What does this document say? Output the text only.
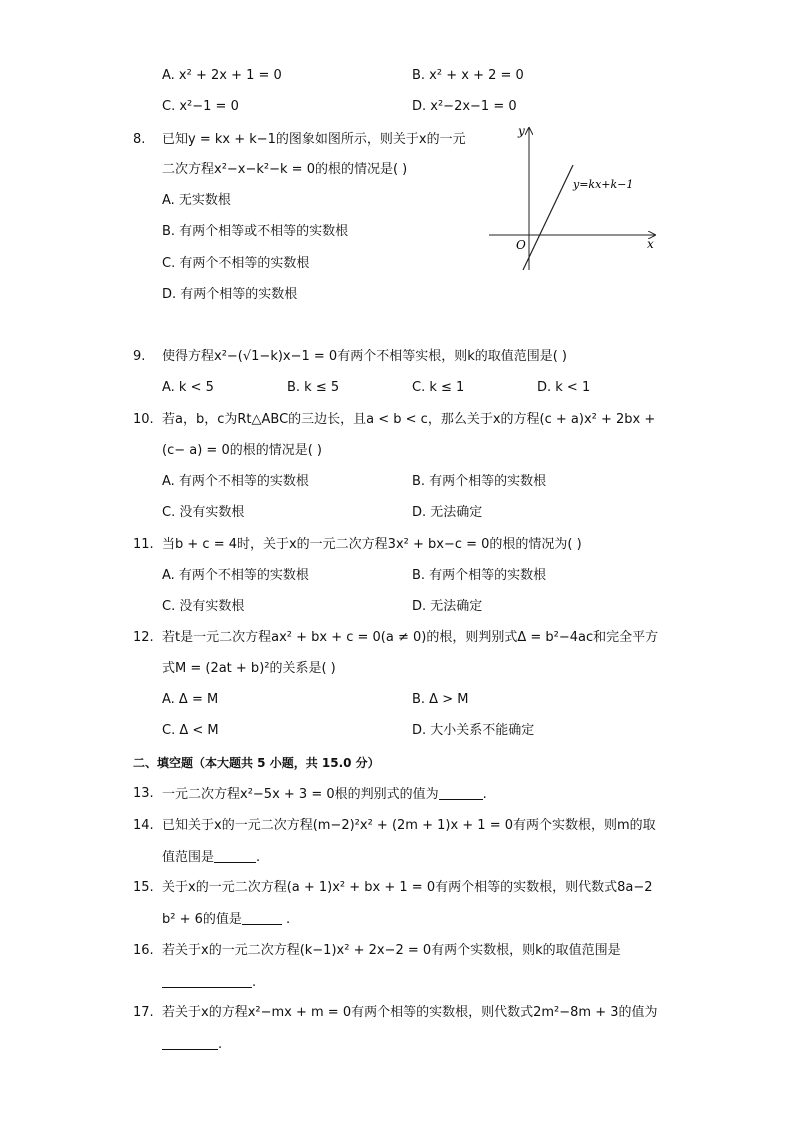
A. x² + 2x + 1 = 0	B. x² + x + 2 = 0
C. x²−1 = 0	D. x²−2x−1 = 0
8. 已知y = kx + k−1的图象如图所示，则关于x的一元
二次方程x²−x−k²−k = 0的根的情况是( )
A. 无实数根
B. 有两个相等或不相等的实数根
C. 有两个不相等的实数根
D. 有两个相等的实数根
y
x
O
y=kx+k−1
9. 使得方程x²−(√1−k)x−1 = 0有两个不相等实根，则k的取值范围是( )
A. k < 5	B. k ≤ 5	C. k ≤ 1	D. k < 1
10. 若a，b，c为Rt△ABC的三边长，且a < b < c，那么关于x的方程(c + a)x² + 2bx +
(c− a) = 0的根的情况是( )
A. 有两个不相等的实数根	B. 有两个相等的实数根
C. 没有实数根	D. 无法确定
11. 当b + c = 4时，关于x的一元二次方程3x² + bx−c = 0的根的情况为( )
A. 有两个不相等的实数根	B. 有两个相等的实数根
C. 没有实数根	D. 无法确定
12. 若t是一元二次方程ax² + bx + c = 0(a ≠ 0)的根，则判别式Δ = b²−4ac和完全平方
式M = (2at + b)²的关系是( )
A. Δ = M	B. Δ > M
C. Δ < M	D. 大小关系不能确定
二、填空题（本大题共 5 小题，共 15.0 分）
13. 一元二次方程x²−5x + 3 = 0根的判别式的值为	.
14. 已知关于x的一元二次方程(m−2)²x² + (2m + 1)x + 1 = 0有两个实数根，则m的取
值范围是	.
15. 关于x的一元二次方程(a + 1)x² + bx + 1 = 0有两个相等的实数根，则代数式8a−2
b² + 6的值是	.
16. 若关于x的一元二次方程(k−1)x² + 2x−2 = 0有两个实数根，则k的取值范围是
.
17. 若关于x的方程x²−mx + m = 0有两个相等的实数根，则代数式2m²−8m + 3的值为
.
